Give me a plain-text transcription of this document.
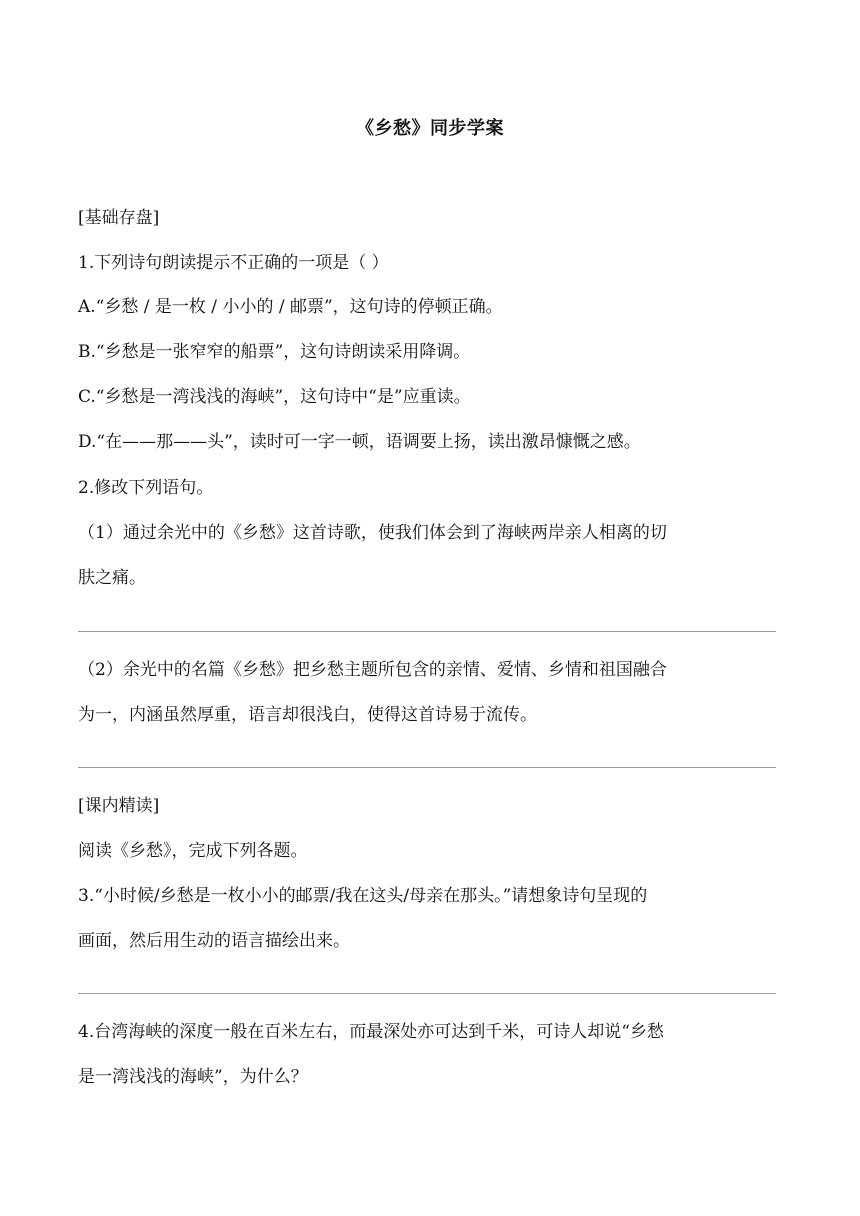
《乡愁》同步学案
[基础存盘]
1.下列诗句朗读提示不正确的一项是（ ）
A.“乡愁 / 是一枚 / 小小的 / 邮票”，这句诗的停顿正确。
B.“乡愁是一张窄窄的船票”，这句诗朗读采用降调。
C.“乡愁是一湾浅浅的海峡”，这句诗中“是”应重读。
D.“在——那——头”，读时可一字一顿，语调要上扬，读出激昂慷慨之感。
2.修改下列语句。
（1）通过余光中的《乡愁》这首诗歌，使我们体会到了海峡两岸亲人相离的切
肤之痛。
（2）余光中的名篇《乡愁》把乡愁主题所包含的亲情、爱情、乡情和祖国融合
为一，内涵虽然厚重，语言却很浅白，使得这首诗易于流传。
[课内精读]
阅读《乡愁》，完成下列各题。
3.“小时候/乡愁是一枚小小的邮票/我在这头/母亲在那头。”请想象诗句呈现的
画面，然后用生动的语言描绘出来。
4.台湾海峡的深度一般在百米左右，而最深处亦可达到千米，可诗人却说“乡愁
是一湾浅浅的海峡”，为什么？
